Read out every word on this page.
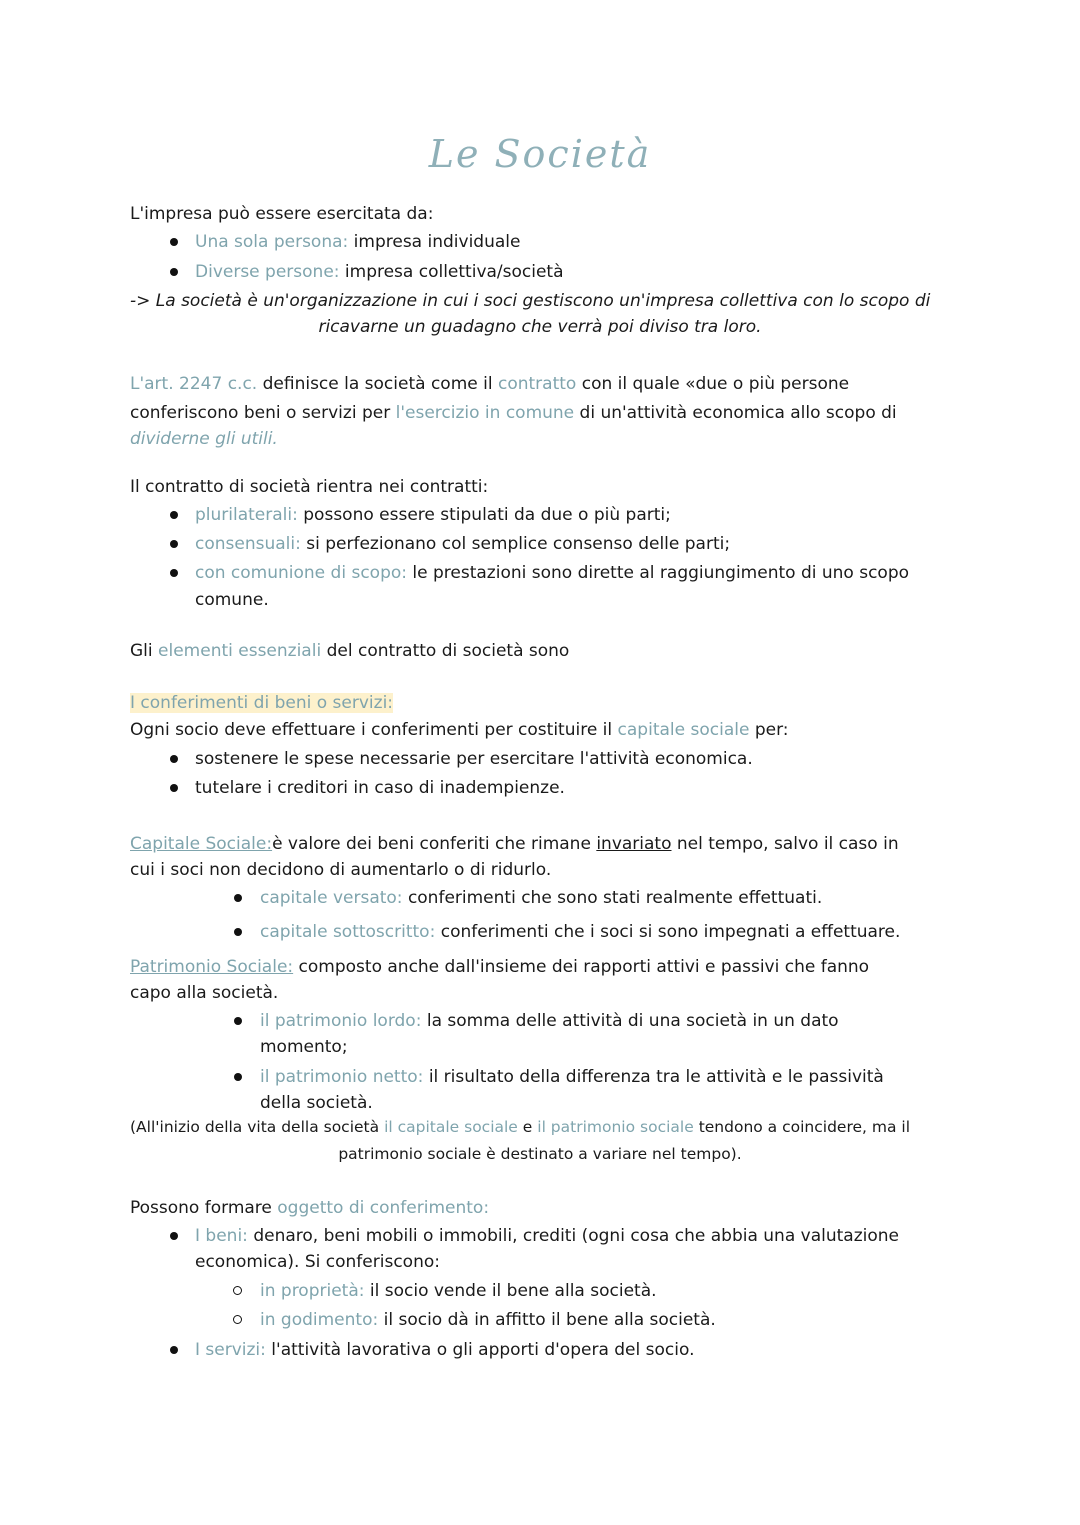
Le Società
L'impresa può essere esercitata da:
Una sola persona: impresa individuale
Diverse persone: impresa collettiva/società
-> La società è un'organizzazione in cui i soci gestiscono un'impresa collettiva con lo scopo di
ricavarne un guadagno che verrà poi diviso tra loro.
L'art. 2247 c.c. definisce la società come il contratto con il quale «due o più persone
conferiscono beni o servizi per l'esercizio in comune di un'attività economica allo scopo di
dividerne gli utili.
Il contratto di società rientra nei contratti:
plurilaterali: possono essere stipulati da due o più parti;
consensuali: si perfezionano col semplice consenso delle parti;
con comunione di scopo: le prestazioni sono dirette al raggiungimento di uno scopo
comune.
Gli elementi essenziali del contratto di società sono
I conferimenti di beni o servizi:
Ogni socio deve effettuare i conferimenti per costituire il capitale sociale per:
sostenere le spese necessarie per esercitare l'attività economica.
tutelare i creditori in caso di inadempienze.
Capitale Sociale:è valore dei beni conferiti che rimane invariato nel tempo, salvo il caso in
cui i soci non decidono di aumentarlo o di ridurlo.
capitale versato: conferimenti che sono stati realmente effettuati.
capitale sottoscritto: conferimenti che i soci si sono impegnati a effettuare.
Patrimonio Sociale: composto anche dall'insieme dei rapporti attivi e passivi che fanno
capo alla società.
il patrimonio lordo: la somma delle attività di una società in un dato
momento;
il patrimonio netto: il risultato della differenza tra le attività e le passività
della società.
(All'inizio della vita della società il capitale sociale e il patrimonio sociale tendono a coincidere, ma il
patrimonio sociale è destinato a variare nel tempo).
Possono formare oggetto di conferimento:
I beni: denaro, beni mobili o immobili, crediti (ogni cosa che abbia una valutazione
economica). Si conferiscono:
in proprietà: il socio vende il bene alla società.
in godimento: il socio dà in affitto il bene alla società.
I servizi: l'attività lavorativa o gli apporti d'opera del socio.
